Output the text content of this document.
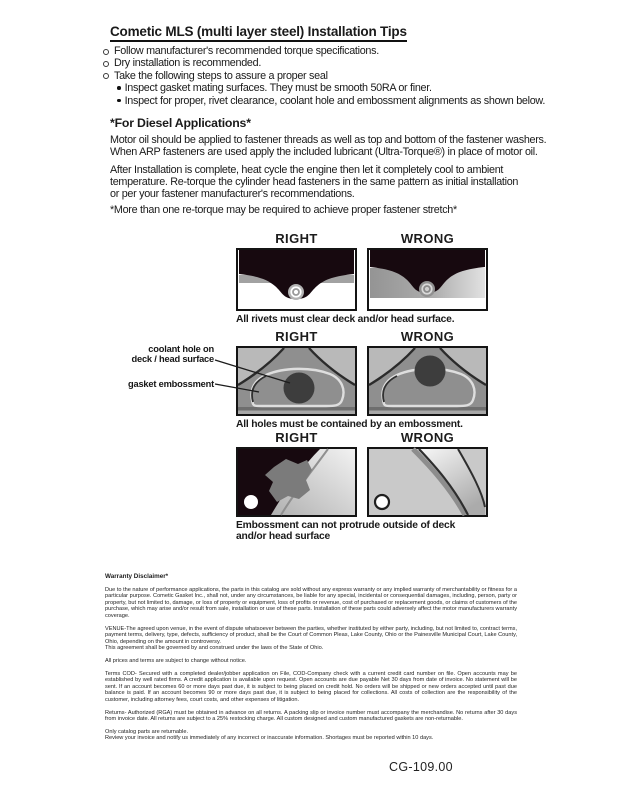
Cometic MLS (multi layer steel) Installation Tips
Follow manufacturer's recommended torque specifications.
Dry installation is recommended.
Take the following steps to assure a proper seal
Inspect gasket mating surfaces. They must be smooth 50RA or finer.
Inspect for proper, rivet clearance, coolant hole and embossment alignments as shown below.
*For Diesel Applications*
Motor oil should be applied to fastener threads as well as top and bottom of the fastener washers.
When ARP fasteners are used apply the included lubricant (Ultra-Torque®) in place of motor oil.
After Installation is complete, heat cycle the engine then let it completely cool to ambient
temperature. Re-torque the cylinder head fasteners in the same pattern as initial installation
or per your fastener manufacturer's recommendations.
*More than one re-torque may be required to achieve proper fastener stretch*
RIGHT	WRONG
All rivets must clear deck and/or head surface.
coolant hole on
deck / head surface
gasket embossment
RIGHT	WRONG
All holes must be contained by an embossment.
RIGHT	WRONG
Embossment can not protrude outside of deck
and/or head surface

Warranty Disclaimer*

Due to the nature of performance applications, the parts in this catalog are sold without any express warranty or any implied warranty of merchantability or fitness for a particular purpose. Cometic Gasket Inc., shall not, under any circumstances, be liable for any special, incidental or consequential damages, including, person, party or property, but not limited to, damage, or loss of property or equipment, loss of profits or revenue, cost of purchased or replacement goods, or claims of customers of the purchase, which may arise and/or result from sale, installation or use of these parts. Installation of these parts could adversely affect the motor manufacturers warranty coverage.

VENUE-The agreed upon venue, in the event of dispute whatsoever between the parties, whether instituted by either party, including, but not limited to, contract terms, payment terms, delivery, type, defects, sufficiency of product, shall be the Court of Common Pleas, Lake County, Ohio or the Painesville Municipal Court, Lake County, Ohio, depending on the amount in controversy.

This agreement shall be governed by and construed under the laws of the State of Ohio.

All prices and terms are subject to change without notice.

Terms COD- Secured with a completed dealer/jobber application on File, COD-Company check with a current credit card number on file. Open accounts may be established by well rated firms. A credit application is available upon request. Open accounts are due payable Net 30 days from date of invoice. No statement will be sent. If an account becomes 60 or more days past due, it is subject to being placed on credit hold. No orders will be shipped or new orders accepted until past due balance is paid. If an account becomes 90 or more days past due, it is subject to being placed for collections. All costs of collection are the responsibility of the customer, including attorney fees, court costs, and other expenses of litigation.

Returns- Authorized (RGA) must be obtained in advance on all returns. A packing slip or invoice number must accompany the merchandise. No returns after 30 days from invoice date. All returns are subject to a 25% restocking charge. All custom designed and custom manufactured gaskets are non-returnable.

Only catalog parts are returnable.

Review your invoice and notify us immediately of any incorrect or inaccurate information. Shortages must be reported within 10 days.

CG-109.00
